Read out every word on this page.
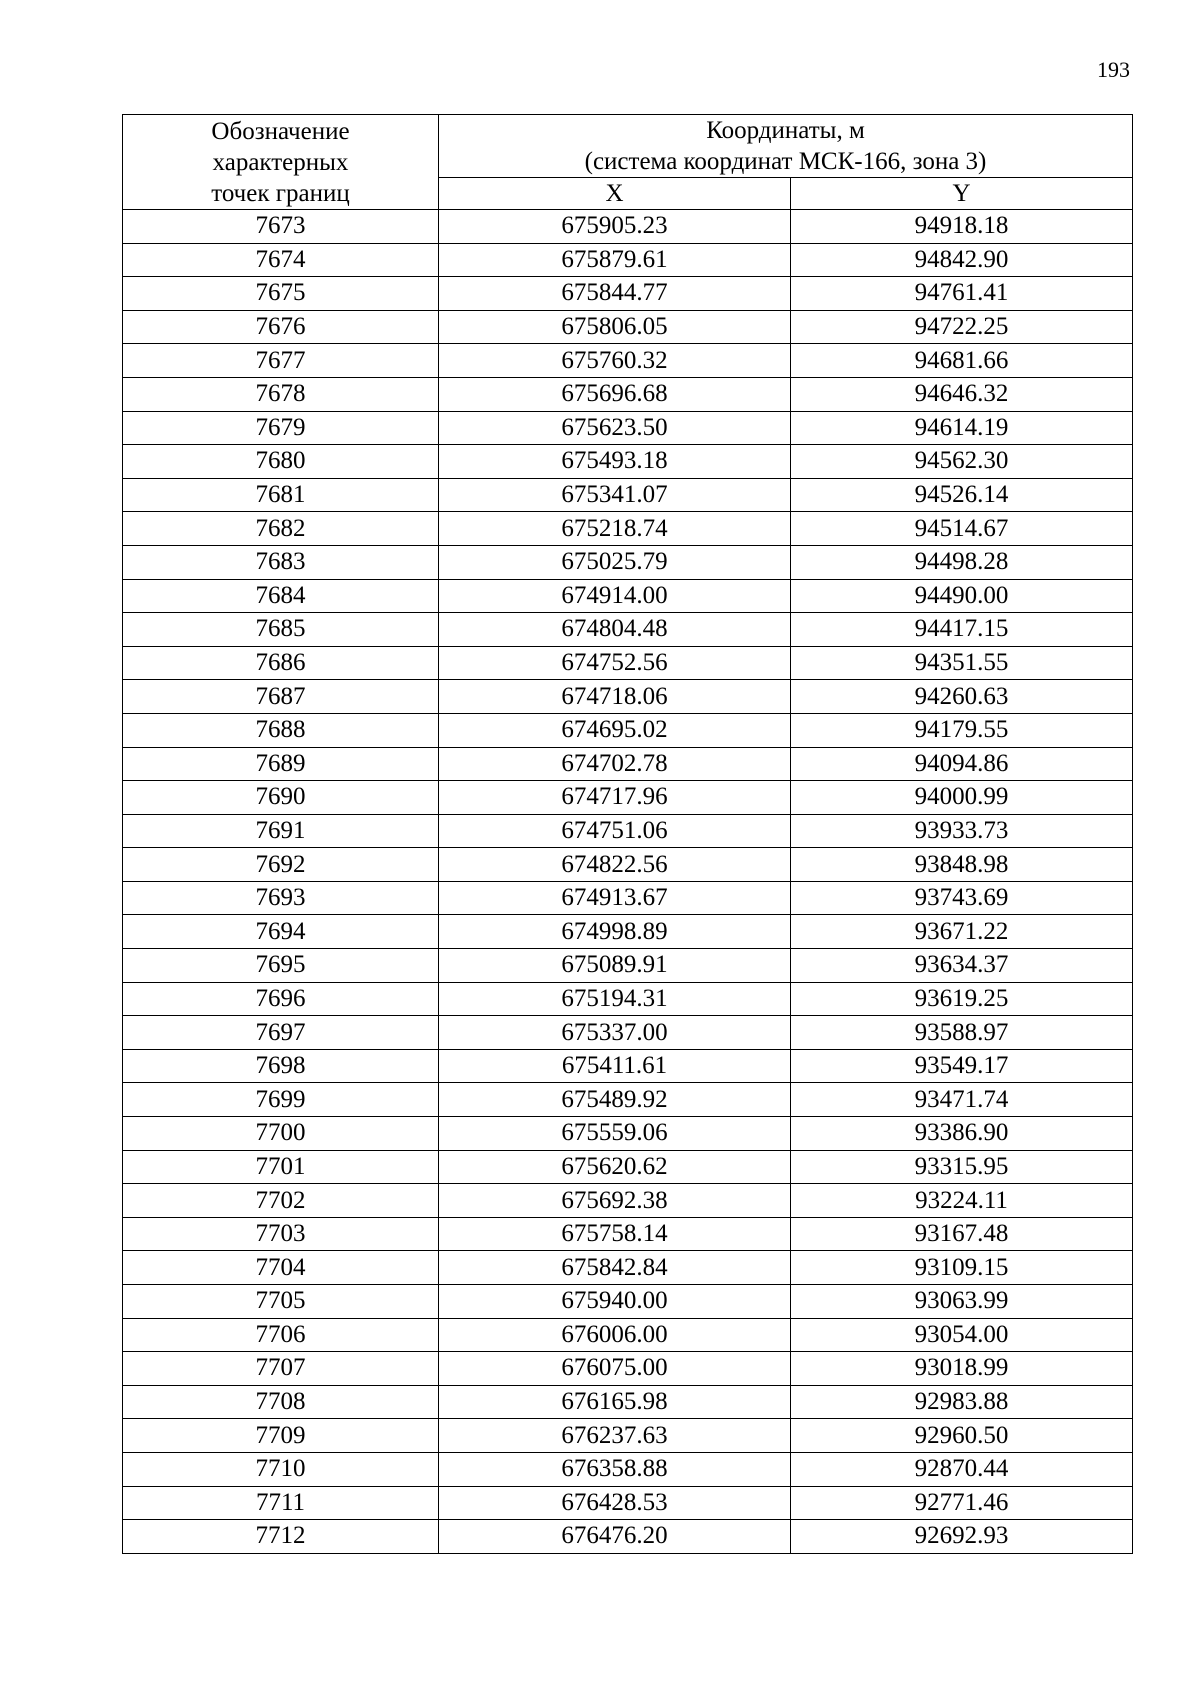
193
Обозначение
характерных
точек границ	Координаты, м
(система координат МСК-166, зона 3)	

	X	Y
7673	675905.23	94918.18
7674	675879.61	94842.90
7675	675844.77	94761.41
7676	675806.05	94722.25
7677	675760.32	94681.66
7678	675696.68	94646.32
7679	675623.50	94614.19
7680	675493.18	94562.30
7681	675341.07	94526.14
7682	675218.74	94514.67
7683	675025.79	94498.28
7684	674914.00	94490.00
7685	674804.48	94417.15
7686	674752.56	94351.55
7687	674718.06	94260.63
7688	674695.02	94179.55
7689	674702.78	94094.86
7690	674717.96	94000.99
7691	674751.06	93933.73
7692	674822.56	93848.98
7693	674913.67	93743.69
7694	674998.89	93671.22
7695	675089.91	93634.37
7696	675194.31	93619.25
7697	675337.00	93588.97
7698	675411.61	93549.17
7699	675489.92	93471.74
7700	675559.06	93386.90
7701	675620.62	93315.95
7702	675692.38	93224.11
7703	675758.14	93167.48
7704	675842.84	93109.15
7705	675940.00	93063.99
7706	676006.00	93054.00
7707	676075.00	93018.99
7708	676165.98	92983.88
7709	676237.63	92960.50
7710	676358.88	92870.44
7711	676428.53	92771.46
7712	676476.20	92692.93
